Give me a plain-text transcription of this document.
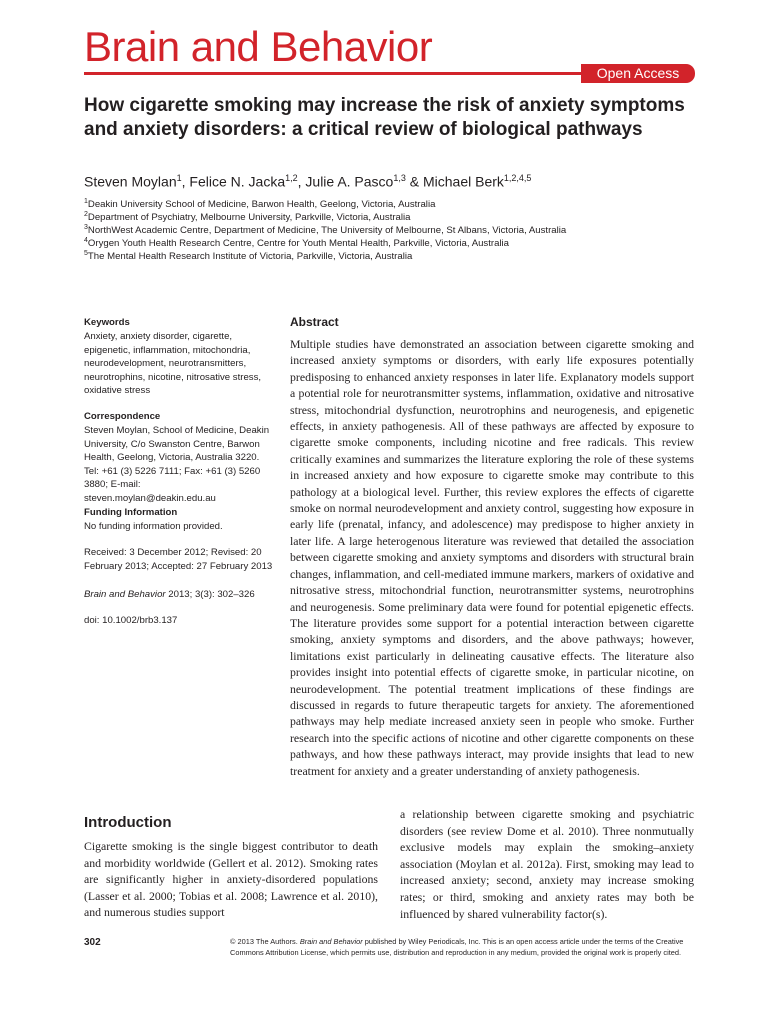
Brain and Behavior
Open Access
How cigarette smoking may increase the risk of anxiety symptoms and anxiety disorders: a critical review of biological pathways
Steven Moylan$^1$, Felice N. Jacka$^{1,2}$, Julie A. Pasco$^{1,3}$ & Michael Berk$^{1,2,4,5}$
$^1$Deakin University School of Medicine, Barwon Health, Geelong, Victoria, Australia
$^2$Department of Psychiatry, Melbourne University, Parkville, Victoria, Australia
$^3$NorthWest Academic Centre, Department of Medicine, The University of Melbourne, St Albans, Victoria, Australia
$^4$Orygen Youth Health Research Centre, Centre for Youth Mental Health, Parkville, Victoria, Australia
$^5$The Mental Health Research Institute of Victoria, Parkville, Victoria, Australia
Keywords
Anxiety, anxiety disorder, cigarette, epigenetic, inflammation, mitochondria, neurodevelopment, neurotransmitters, neurotrophins, nicotine, nitrosative stress, oxidative stress
Correspondence
Steven Moylan, School of Medicine, Deakin University, C/o Swanston Centre, Barwon Health, Geelong, Victoria, Australia 3220. Tel: +61 (3) 5226 7111; Fax: +61 (3) 5260 3880; E-mail: steven.moylan@deakin.edu.au
Funding Information
No funding information provided.
Received: 3 December 2012; Revised: 20 February 2013; Accepted: 27 February 2013
Brain and Behavior 2013; 3(3): 302–326
doi: 10.1002/brb3.137
Abstract
Multiple studies have demonstrated an association between cigarette smoking and increased anxiety symptoms or disorders, with early life exposures potentially predisposing to enhanced anxiety responses in later life. Explanatory models support a potential role for neurotransmitter systems, inflammation, oxidative and nitrosative stress, mitochondrial dysfunction, neurotrophins and neurogenesis, and epigenetic effects, in anxiety pathogenesis. All of these pathways are affected by exposure to cigarette smoke components, including nicotine and free radicals. This review critically examines and summarizes the literature exploring the role of these systems in increased anxiety and how exposure to cigarette smoke may contribute to this pathology at a biological level. Further, this review explores the effects of cigarette smoke on normal neurodevelopment and anxiety control, suggesting how exposure in early life (prenatal, infancy, and adolescence) may predispose to higher anxiety in later life. A large heterogenous literature was reviewed that detailed the association between cigarette smoking and anxiety symptoms and disorders with structural brain changes, inflammation, and cell-mediated immune markers, markers of oxidative and nitrosative stress, mitochondrial function, neurotransmitter systems, neurotrophins and neurogenesis. Some preliminary data were found for potential epigenetic effects. The literature provides some support for a potential interaction between cigarette smoking, anxiety symptoms and disorders, and the above pathways; however, limitations exist particularly in delineating causative effects. The literature also provides insight into potential effects of cigarette smoke, in particular nicotine, on neurodevelopment. The potential treatment implications of these findings are discussed in regards to future therapeutic targets for anxiety. The aforementioned pathways may help mediate increased anxiety seen in people who smoke. Further research into the specific actions of nicotine and other cigarette components on these pathways, and how these pathways interact, may provide insights that lead to new treatment for anxiety and a greater understanding of anxiety pathogenesis.
Introduction
Cigarette smoking is the single biggest contributor to death and morbidity worldwide (Gellert et al. 2012). Smoking rates are significantly higher in anxiety-disordered populations (Lasser et al. 2000; Tobias et al. 2008; Lawrence et al. 2010), and numerous studies support
a relationship between cigarette smoking and psychiatric disorders (see review Dome et al. 2010). Three nonmutually exclusive models may explain the smoking–anxiety association (Moylan et al. 2012a). First, smoking may lead to increased anxiety; second, anxiety may increase smoking rates; or third, smoking and anxiety rates may both be influenced by shared vulnerability factor(s).
302	© 2013 The Authors. Brain and Behavior published by Wiley Periodicals, Inc. This is an open access article under the terms of the Creative Commons Attribution License, which permits use, distribution and reproduction in any medium, provided the original work is properly cited.
